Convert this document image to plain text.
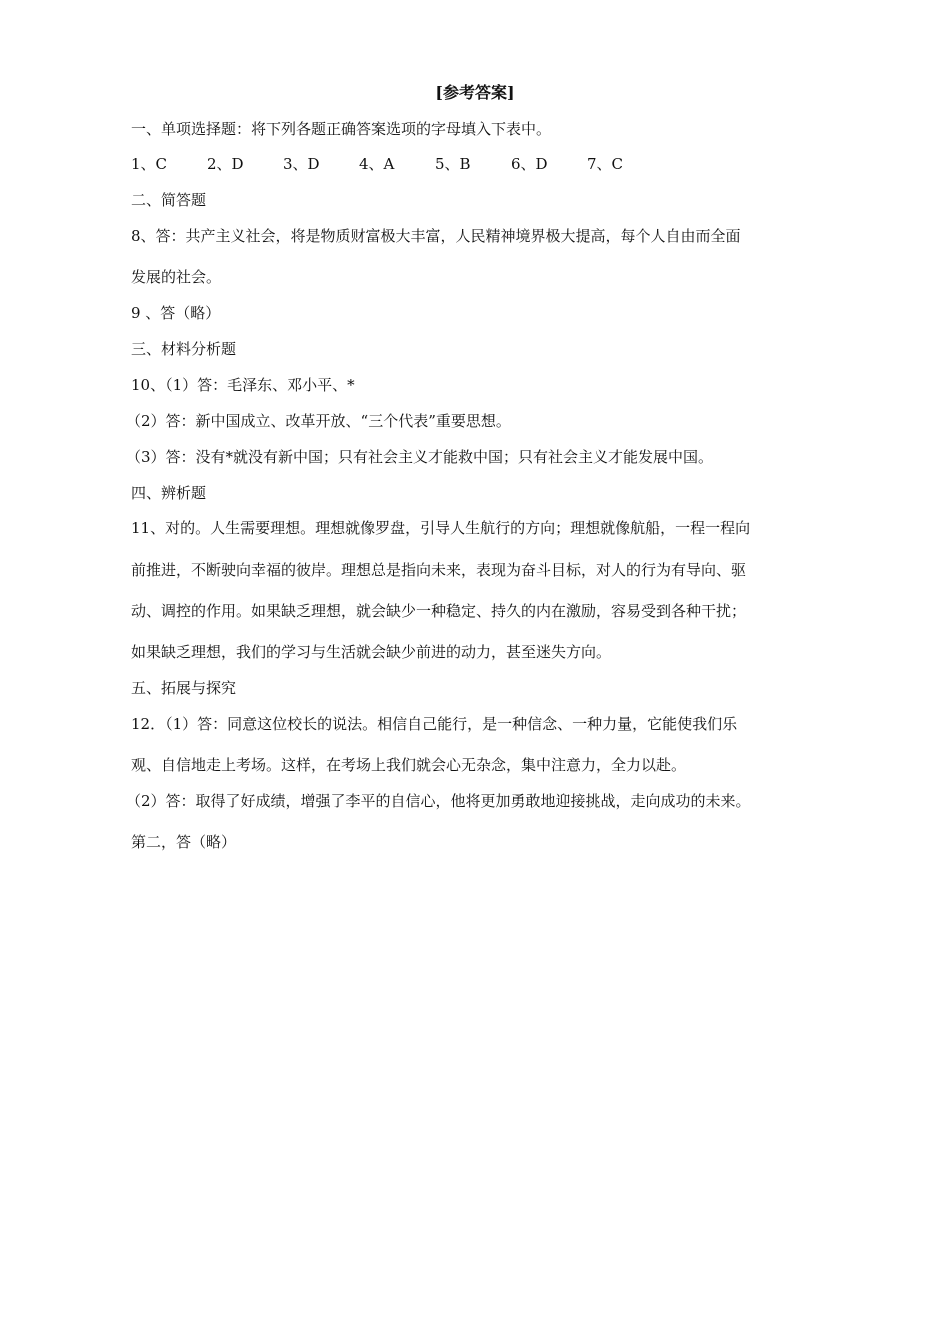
[参考答案]
一、单项选择题：将下列各题正确答案选项的字母填入下表中。
1、C	2、D	3、D	4、A	5、B	6、D	7、C
二、简答题
8、答：共产主义社会，将是物质财富极大丰富，人民精神境界极大提高，每个人自由而全面
发展的社会。
9 、答（略）
三、材料分析题
10、（1）答：毛泽东、邓小平、*
（2）答：新中国成立、改革开放、“三个代表”重要思想。
（3）答：没有*就没有新中国；只有社会主义才能救中国；只有社会主义才能发展中国。
四、辨析题
11、对的。人生需要理想。理想就像罗盘，引导人生航行的方向；理想就像航船，一程一程向
前推进，不断驶向幸福的彼岸。理想总是指向未来，表现为奋斗目标，对人的行为有导向、驱
动、调控的作用。如果缺乏理想，就会缺少一种稳定、持久的内在激励，容易受到各种干扰；
如果缺乏理想，我们的学习与生活就会缺少前进的动力，甚至迷失方向。
五、拓展与探究
12．（1）答：同意这位校长的说法。相信自己能行，是一种信念、一种力量，它能使我们乐
观、自信地走上考场。这样，在考场上我们就会心无杂念，集中注意力，全力以赴。
（2）答：取得了好成绩，增强了李平的自信心，他将更加勇敢地迎接挑战，走向成功的未来。
第二，答（略）
